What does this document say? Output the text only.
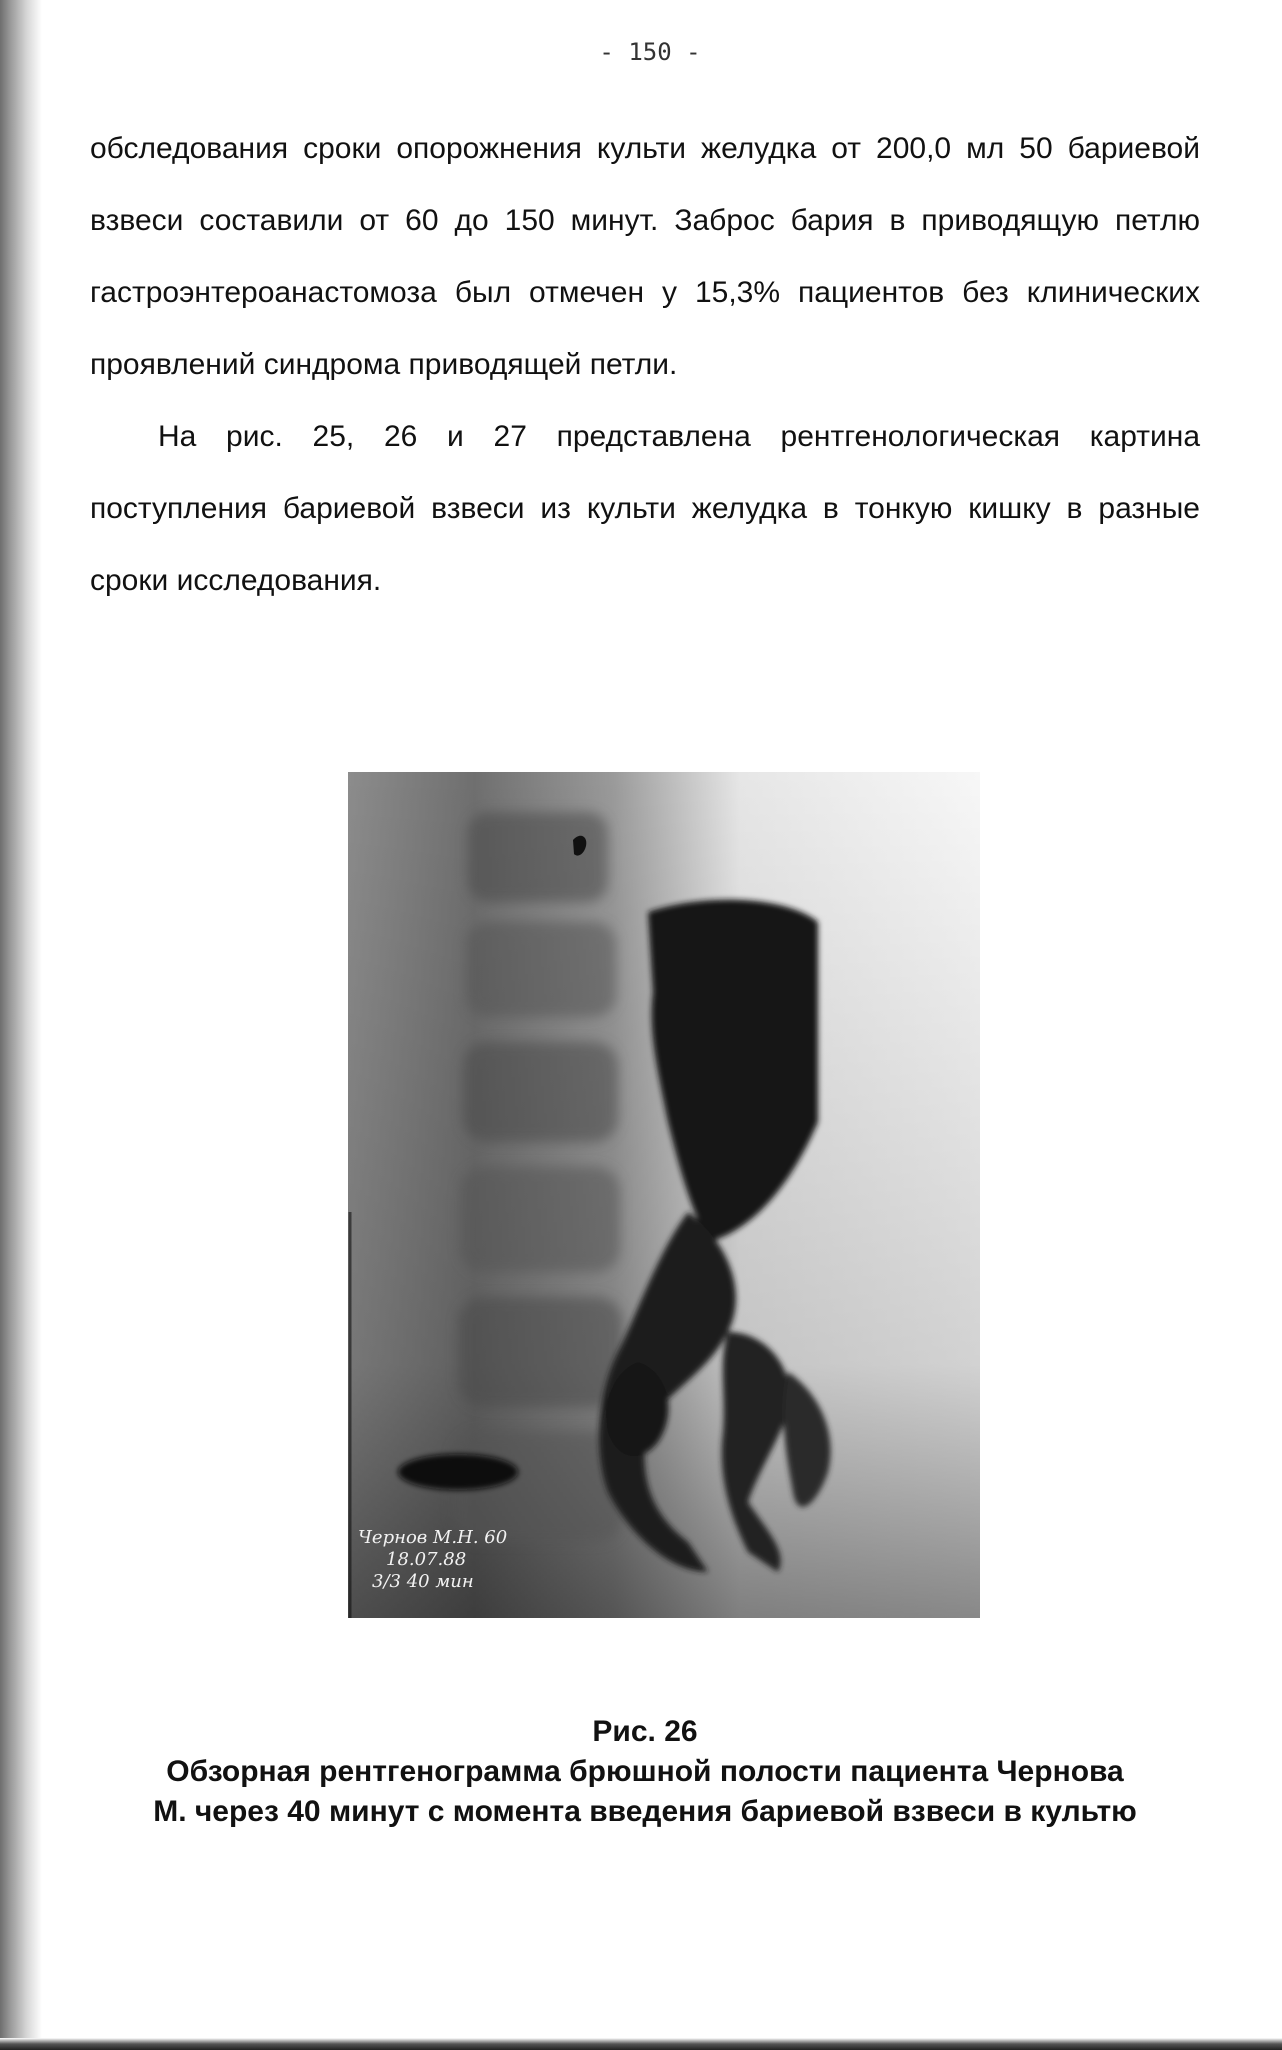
- 150 -

обследования сроки опорожнения культи желудка от 200,0 мл 50 бариевой взвеси составили от 60 до 150 минут. Заброс бария в приводящую петлю гастроэнтероанастомоза был отмечен у 15,3% пациентов без клинических проявлений синдрома приводящей петли.

На рис. 25, 26 и 27 представлена рентгенологическая картина поступления бариевой взвеси из культи желудка в тонкую кишку в разные сроки исследования.

Чернов М.Н. 60
18.07.88
3/3 40 мин
Рис. 26
Обзорная рентгенограмма брюшной полости пациента Чернова
М. через 40 минут с момента введения бариевой взвеси в культю
